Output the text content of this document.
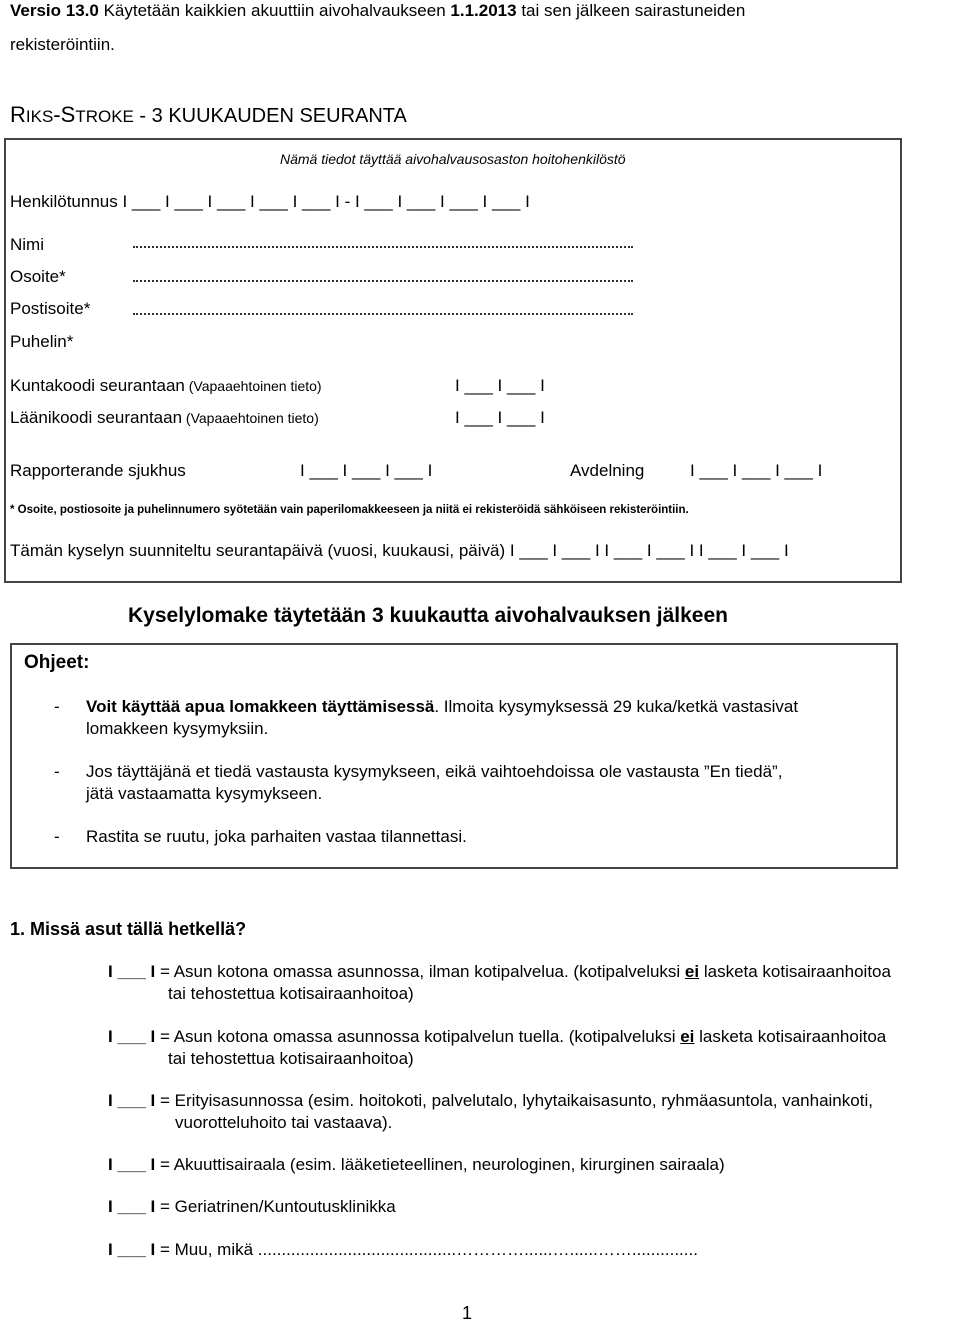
Versio 13.0 Käytetään kaikkien akuuttiin aivohalvaukseen 1.1.2013 tai sen jälkeen sairastuneiden
rekisteröintiin.
RIKS-STROKE - 3 KUUKAUDEN SEURANTA
Nämä tiedot täyttää aivohalvausosaston hoitohenkilöstö
Henkilötunnus I ___ I ___ I ___ I ___ I ___ I - I ___ I ___ I ___ I ___ I
Nimi
Osoite*
Postisoite*
Puhelin*
Kuntakoodi seurantaan (Vapaaehtoinen tieto)	I ___ I ___ I
Läänikoodi seurantaan (Vapaaehtoinen tieto)	I ___ I ___ I
Rapporterande sjukhus	I ___ I ___ I ___ I	Avdelning	I ___ I ___ I ___ I
* Osoite, postiosoite ja puhelinnumero syötetään vain paperilomakkeeseen ja niitä ei rekisteröidä sähköiseen rekisteröintiin.
Tämän kyselyn suunniteltu seurantapäivä (vuosi, kuukausi, päivä) I ___ I ___ I I ___ I ___ I I ___ I ___ I
Kyselylomake täytetään 3 kuukautta aivohalvauksen jälkeen
Ohjeet:
- Voit käyttää apua lomakkeen täyttämisessä. Ilmoita kysymyksessä 29 kuka/ketkä vastasivat
lomakkeen kysymyksiin.
- Jos täyttäjänä et tiedä vastausta kysymykseen, eikä vaihtoehdoissa ole vastausta ”En tiedä”,
jätä vastaamatta kysymykseen.
- Rastita se ruutu, joka parhaiten vastaa tilannettasi.
1. Missä asut tällä hetkellä?
I ___ I = Asun kotona omassa asunnossa, ilman kotipalvelua. (kotipalveluksi ei lasketa kotisairaanhoitoa
tai tehostettua kotisairaanhoitoa)
I ___ I = Asun kotona omassa asunnossa kotipalvelun tuella. (kotipalveluksi ei lasketa kotisairaanhoitoa
tai tehostettua kotisairaanhoitoa)
I ___ I = Erityisasunnossa (esim. hoitokoti, palvelutalo, lyhytaikaisasunto, ryhmäasuntola, vanhainkoti,
vuorotteluhoito tai vastaava).
I ___ I = Akuuttisairaala (esim. lääketieteellinen, neurologinen, kirurginen sairaala)
I ___ I = Geriatrinen/Kuntoutusklinikka
I ___ I = Muu, mikä ..........................................…………......…......……..............
1
